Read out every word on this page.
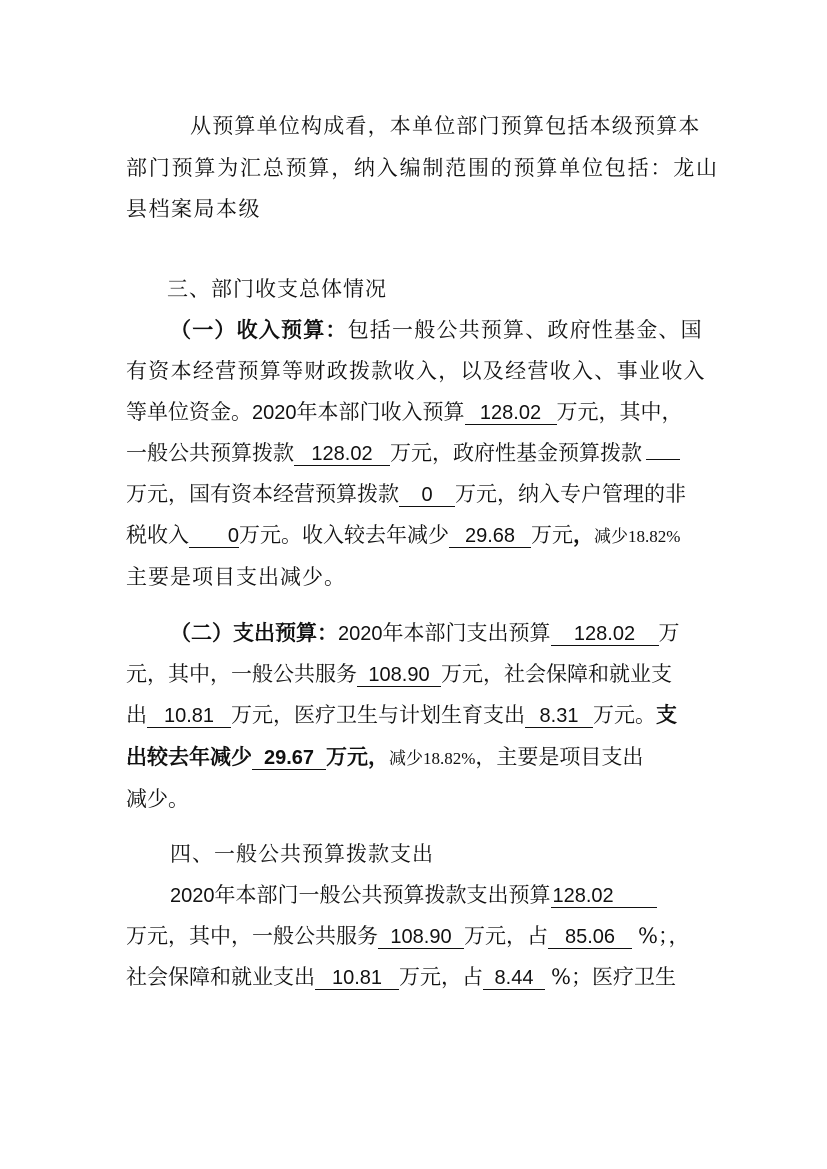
从预算单位构成看，本单位部门预算包括本级预算本
部门预算为汇总预算，纳入编制范围的预算单位包括：龙山
县档案局本级
三、部门收支总体情况
（一）收入预算：包括一般公共预算、政府性基金、国
有资本经营预算等财政拨款收入，以及经营收入、事业收入
等单位资金。2020年本部门收入预算 128.02 万元，其中，
一般公共预算拨款 128.02 万元，政府性基金预算拨款
万元，国有资本经营预算拨款 0 万元，纳入专户管理的非
税收入 0万元。收入较去年减少 29.68 万元，减少18.82%
主要是项目支出减少。
（二）支出预算：2020年本部门支出预算 128.02 万
元，其中，一般公共服务 108.90 万元，社会保障和就业支
出 10.81 万元，医疗卫生与计划生育支出 8.31 万元。支
出较去年减少 29.67 万元，减少18.82%，主要是项目支出
减少。
四、一般公共预算拨款支出
2020年本部门一般公共预算拨款支出预算 128.02
万元，其中，一般公共服务 108.90 万元，占 85.06 %；，
社会保障和就业支出 10.81 万元，占 8.44 %；医疗卫生
